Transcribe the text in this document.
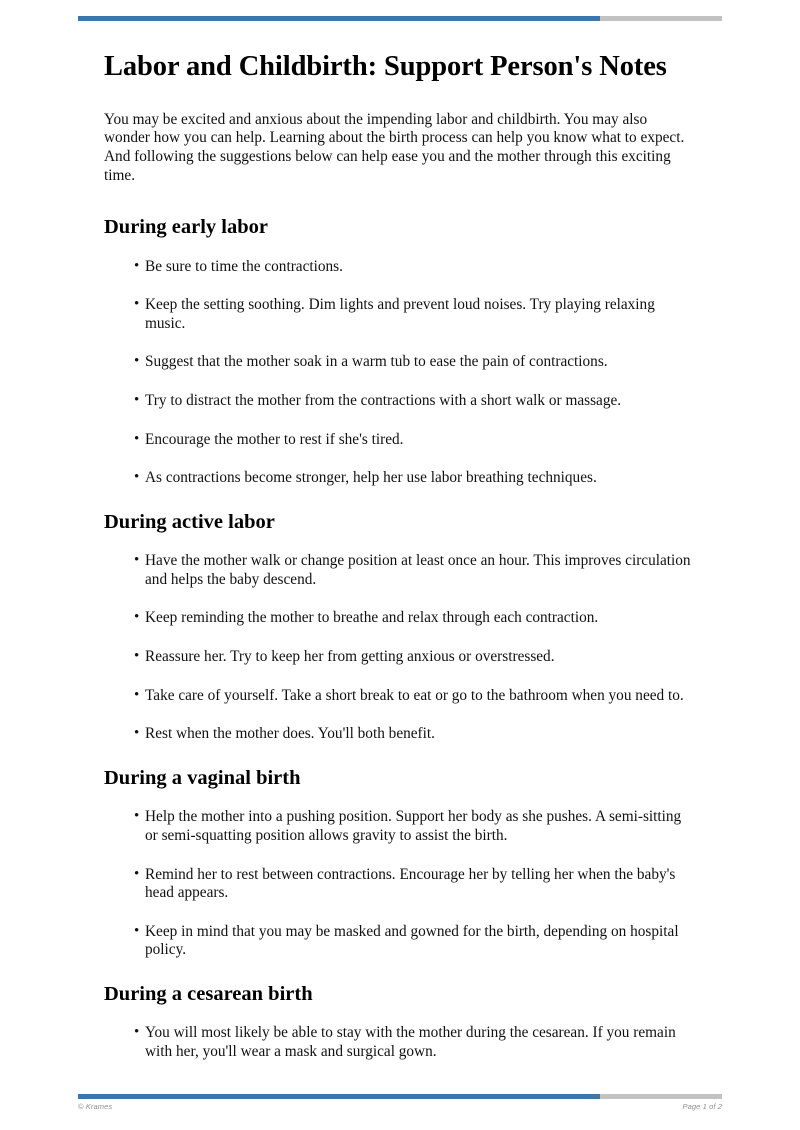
Labor and Childbirth: Support Person's Notes

You may be excited and anxious about the impending labor and childbirth. You may also wonder how you can help. Learning about the birth process can help you know what to expect. And following the suggestions below can help ease you and the mother through this exciting time.

During early labor
• Be sure to time the contractions.
• Keep the setting soothing. Dim lights and prevent loud noises. Try playing relaxing music.
• Suggest that the mother soak in a warm tub to ease the pain of contractions.
• Try to distract the mother from the contractions with a short walk or massage.
• Encourage the mother to rest if she's tired.
• As contractions become stronger, help her use labor breathing techniques.
During active labor
• Have the mother walk or change position at least once an hour. This improves circulation and helps the baby descend.
• Keep reminding the mother to breathe and relax through each contraction.
• Reassure her. Try to keep her from getting anxious or overstressed.
• Take care of yourself. Take a short break to eat or go to the bathroom when you need to.
• Rest when the mother does. You'll both benefit.
During a vaginal birth
• Help the mother into a pushing position. Support her body as she pushes. A semi-sitting or semi-squatting position allows gravity to assist the birth.
• Remind her to rest between contractions. Encourage her by telling her when the baby's head appears.
• Keep in mind that you may be masked and gowned for the birth, depending on hospital policy.
During a cesarean birth
• You will most likely be able to stay with the mother during the cesarean. If you remain with her, you'll wear a mask and surgical gown.
© Krames	Page 1 of 2
